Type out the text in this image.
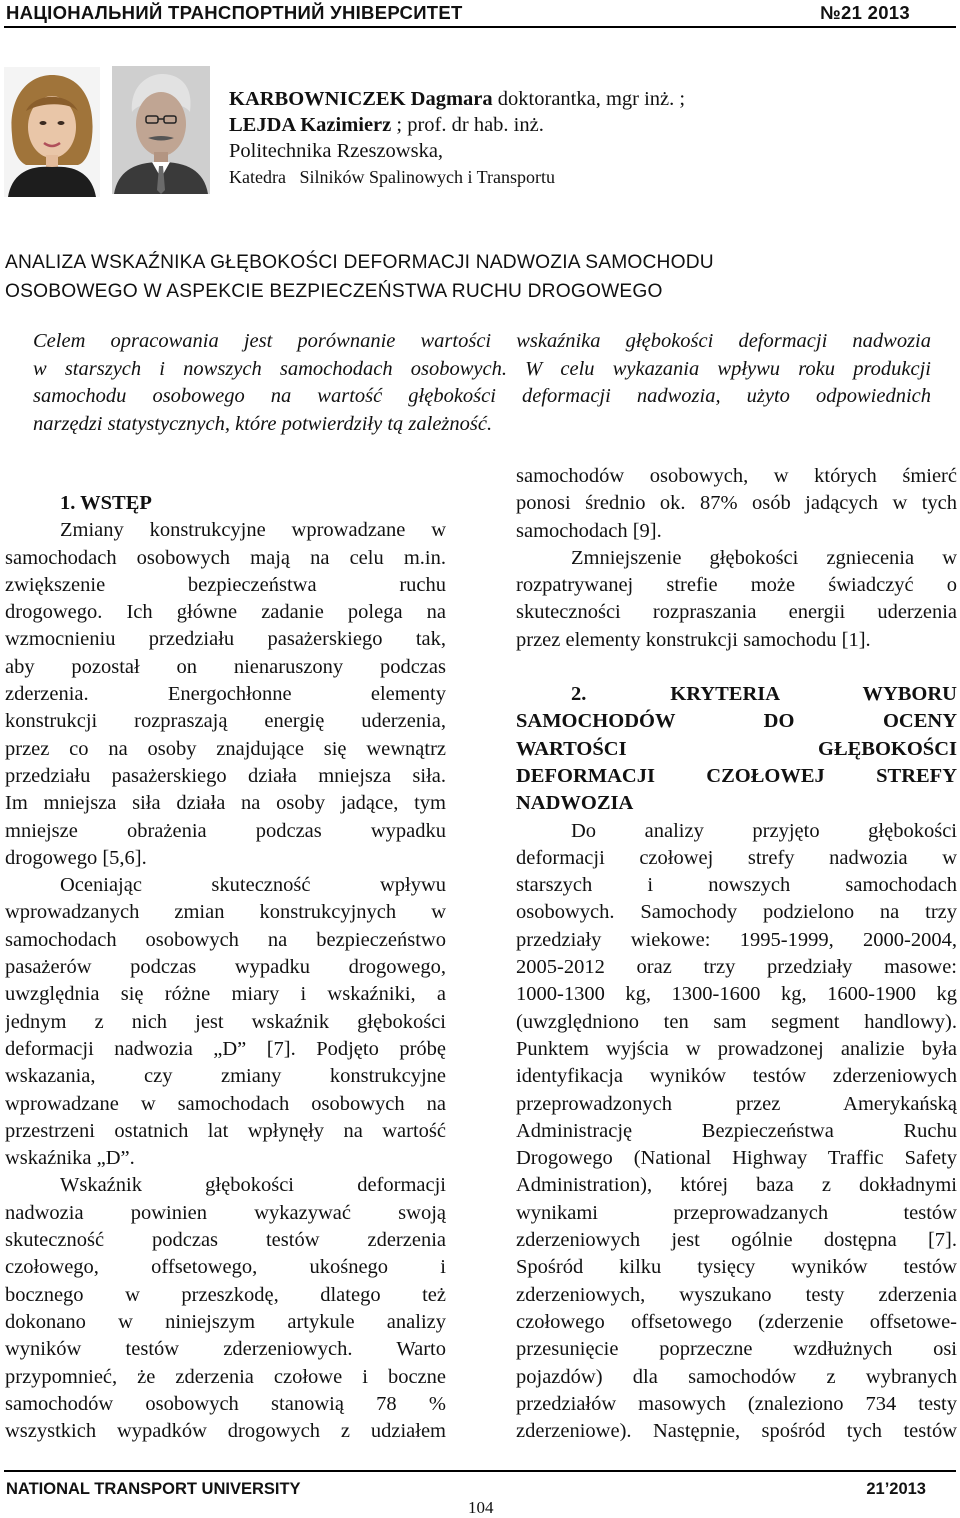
НАЦІОНАЛЬНИЙ ТРАНСПОРТНИЙ УНІВЕРСИТЕТ	№21 2013
KARBOWNICZEK Dagmara doktorantka, mgr inż. ;
LEJDA Kazimierz ; prof. dr hab. inż.
Politechnika Rzeszowska,
Katedra   Silników Spalinowych i Transportu
ANALIZA WSKAŹNIKA GŁĘBOKOŚCI DEFORMACJI NADWOZIA SAMOCHODU
OSOBOWEGO W ASPEKCIE BEZPIECZEŃSTWA RUCHU DROGOWEGO
Celem opracowania jest porównanie wartości wskaźnika głębokości deformacji nadwozia
w starszych i nowszych samochodach osobowych. W celu wykazania wpływu roku produkcji
samochodu osobowego na wartość głębokości deformacji nadwozia, użyto odpowiednich
narzędzi statystycznych, które potwierdziły tą zależność.
1. WSTĘP
Zmiany konstrukcyjne wprowadzane w
samochodach osobowych mają na celu m.in.
zwiększenie bezpieczeństwa ruchu
drogowego. Ich główne zadanie polega na
wzmocnieniu przedziału pasażerskiego tak,
aby pozostał on nienaruszony podczas
zderzenia. Energochłonne elementy
konstrukcji rozpraszają energię uderzenia,
przez co na osoby znajdujące się wewnątrz
przedziału pasażerskiego działa mniejsza siła.
Im mniejsza siła działa na osoby jadące, tym
mniejsze obrażenia podczas wypadku
drogowego [5,6].
Oceniając skuteczność wpływu
wprowadzanych zmian konstrukcyjnych w
samochodach osobowych na bezpieczeństwo
pasażerów podczas wypadku drogowego,
uwzględnia się różne miary i wskaźniki, a
jednym z nich jest wskaźnik głębokości
deformacji nadwozia „D” [7]. Podjęto próbę
wskazania, czy zmiany konstrukcyjne
wprowadzane w samochodach osobowych na
przestrzeni ostatnich lat wpłynęły na wartość
wskaźnika „D”.
Wskaźnik głębokości deformacji
nadwozia powinien wykazywać swoją
skuteczność podczas testów zderzenia
czołowego, offsetowego, ukośnego i
bocznego w przeszkodę, dlatego też
dokonano w niniejszym artykule analizy
wyników testów zderzeniowych. Warto
przypomnieć, że zderzenia czołowe i boczne
samochodów osobowych stanowią 78 %
wszystkich wypadków drogowych z udziałem
samochodów osobowych, w których śmierć
ponosi średnio ok. 87% osób jadących w tych
samochodach [9].
Zmniejszenie głębokości zgniecenia w
rozpatrywanej strefie może świadczyć o
skuteczności rozpraszania energii uderzenia
przez elementy konstrukcji samochodu [1].
2. KRYTERIA WYBORU
SAMOCHODÓW DO OCENY
WARTOŚCI GŁĘBOKOŚCI
DEFORMACJI CZOŁOWEJ STREFY
NADWOZIA
Do analizy przyjęto głębokości
deformacji czołowej strefy nadwozia w
starszych i nowszych samochodach
osobowych. Samochody podzielono na trzy
przedziały wiekowe: 1995-1999, 2000-2004,
2005-2012 oraz trzy przedziały masowe:
1000-1300 kg, 1300-1600 kg, 1600-1900 kg
(uwzględniono ten sam segment handlowy).
Punktem wyjścia w prowadzonej analizie była
identyfikacja wyników testów zderzeniowych
przeprowadzonych przez Amerykańską
Administrację Bezpieczeństwa Ruchu
Drogowego (National Highway Traffic Safety
Administration), której baza z dokładnymi
wynikami przeprowadzanych testów
zderzeniowych jest ogólnie dostępna [7].
Spośród kilku tysięcy wyników testów
zderzeniowych, wyszukano testy zderzenia
czołowego offsetowego (zderzenie offsetowe-
przesunięcie poprzeczne wzdłużnych osi
pojazdów) dla samochodów z wybranych
przedziałów masowych (znaleziono 734 testy
zderzeniowe). Następnie, spośród tych testów
NATIONAL TRANSPORT UNIVERSITY	21’2013
104
